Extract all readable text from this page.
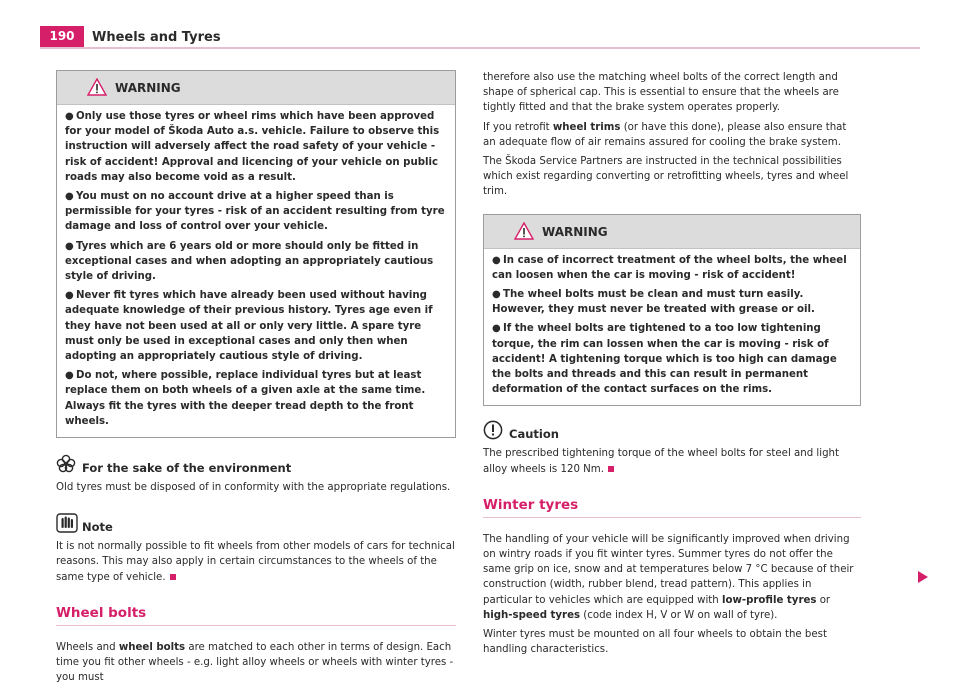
190	Wheels and Tyres
WARNING

● Only use those tyres or wheel rims which have been approved for your model of Škoda Auto a.s. vehicle. Failure to observe this instruction will adversely affect the road safety of your vehicle - risk of accident! Approval and licencing of your vehicle on public roads may also become void as a result.

● You must on no account drive at a higher speed than is permissible for your tyres - risk of an accident resulting from tyre damage and loss of control over your vehicle.

● Tyres which are 6 years old or more should only be fitted in exceptional cases and when adopting an appropriately cautious style of driving.

● Never fit tyres which have already been used without having adequate knowledge of their previous history. Tyres age even if they have not been used at all or only very little. A spare tyre must only be used in exceptional cases and only then when adopting an appropriately cautious style of driving.

● Do not, where possible, replace individual tyres but at least replace them on both wheels of a given axle at the same time. Always fit the tyres with the deeper tread depth to the front wheels.

For the sake of the environment

Old tyres must be disposed of in conformity with the appropriate regulations.

Note

It is not normally possible to fit wheels from other models of cars for technical reasons. This may also apply in certain circumstances to the wheels of the same type of vehicle.

Wheel bolts

Wheels and wheel bolts are matched to each other in terms of design. Each time you fit other wheels - e.g. light alloy wheels or wheels with winter tyres - you must

therefore also use the matching wheel bolts of the correct length and shape of spherical cap. This is essential to ensure that the wheels are tightly fitted and that the brake system operates properly.

If you retrofit wheel trims (or have this done), please also ensure that an adequate flow of air remains assured for cooling the brake system.

The Škoda Service Partners are instructed in the technical possibilities which exist regarding converting or retrofitting wheels, tyres and wheel trim.

WARNING

● In case of incorrect treatment of the wheel bolts, the wheel can loosen when the car is moving - risk of accident!

● The wheel bolts must be clean and must turn easily. However, they must never be treated with grease or oil.

● If the wheel bolts are tightened to a too low tightening torque, the rim can lossen when the car is moving - risk of accident! A tightening torque which is too high can damage the bolts and threads and this can result in permanent deformation of the contact surfaces on the rims.

Caution

The prescribed tightening torque of the wheel bolts for steel and light alloy wheels is 120 Nm.

Winter tyres

The handling of your vehicle will be significantly improved when driving on wintry roads if you fit winter tyres. Summer tyres do not offer the same grip on ice, snow and at temperatures below 7 °C because of their construction (width, rubber blend, tread pattern). This applies in particular to vehicles which are equipped with low-profile tyres or high-speed tyres (code index H, V or W on wall of tyre).

Winter tyres must be mounted on all four wheels to obtain the best handling characteristics.
